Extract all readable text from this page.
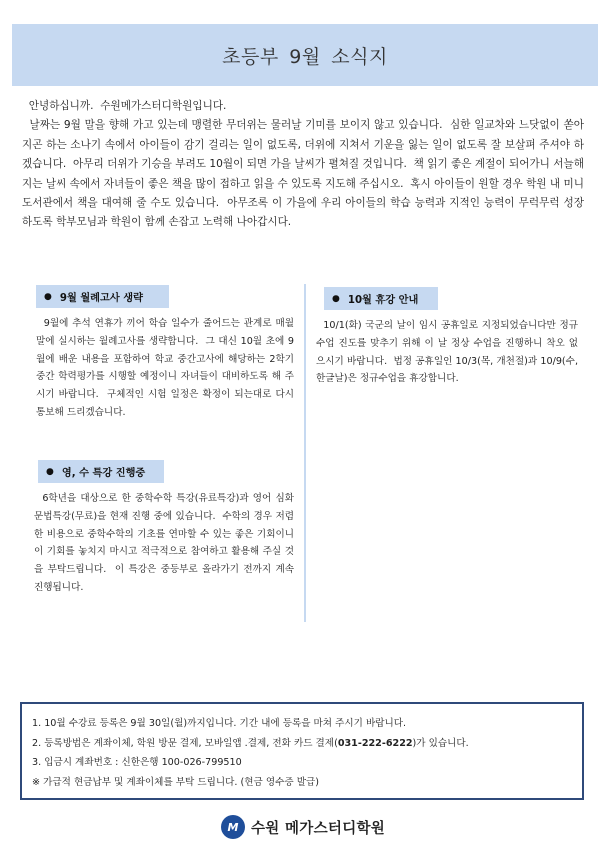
초등부 9월 소식지

안녕하십니까.  수원메가스터디학원입니다.

날짜는 9월 말을 향해 가고 있는데 맹렬한 무더위는 물러날 기미를 보이지 않고 있습니다.  심한 일교차와 느닷없이 쏟아지곤 하는 소나기 속에서 아이들이 감기 걸리는 일이 없도록, 더위에 지쳐서 기운을 잃는 일이 없도록 잘 보살펴 주셔야 하겠습니다.  아무리 더위가 기승을 부려도 10월이 되면 가을 날씨가 펼쳐질 것입니다.  책 읽기 좋은 계절이 되어가니 서늘해지는 날씨 속에서 자녀들이 좋은 책을 많이 접하고 읽을 수 있도록 지도해 주십시오.  혹시 아이들이 원할 경우 학원 내 미니 도서관에서 책을 대여해 줄 수도 있습니다.  아무조록 이 가을에 우리 아이들의 학습 능력과 지적인 능력이 무럭무럭 성장하도록 학부모님과 학원이 함께 손잡고 노력해 나아갑시다.

● 9월 월례고사 생략
9월에 추석 연휴가 끼어 학습 일수가 줄어드는 관계로 매월 말에 실시하는 월례고사를 생략합니다.  그 대신 10월 초에 9월에 배운 내용을 포함하여 학교 중간고사에 해당하는 2학기 중간 학력평가를 시행할 예정이니 자녀들이 대비하도록 해 주시기 바랍니다.  구체적인 시험 일정은 확정이 되는대로 다시 통보해 드리겠습니다.
● 영, 수 특강 진행중
6학년을 대상으로 한 중학수학 특강(유료특강)과 영어 심화문법특강(무료)을 현재 진행 중에 있습니다.  수학의 경우 저렴한 비용으로 중학수학의 기초를 연마할 수 있는 좋은 기회이니 이 기회를 놓치지 마시고 적극적으로 참여하고 활용해 주실 것을 부탁드립니다.  이 특강은 중등부로 올라가기 전까지 계속 진행됩니다.
● 10월 휴강 안내
10/1(화) 국군의 날이 임시 공휴일로 지정되었습니다만 정규 수업 진도를 맞추기 위해 이 날 정상 수업을 진행하니 착오 없으시기 바랍니다.  법정 공휴일인 10/3(목, 개천절)과 10/9(수, 한글날)은 정규수업을 휴강합니다.
1. 10월 수강료 등록은 9월 30일(월)까지입니다. 기간 내에 등록을 마쳐 주시기 바랍니다.
2. 등록방법은 계좌이체, 학원 방문 결제, 모바일앱 .결제, 전화 카드 결제(031-222-6222)가 있습니다.
3. 입금시 계좌번호 : 신한은행 100-026-799510
※ 가급적 현금납부 및 계좌이체를 부탁 드립니다. (현금 영수증 발급)
M 수원 메가스터디학원
